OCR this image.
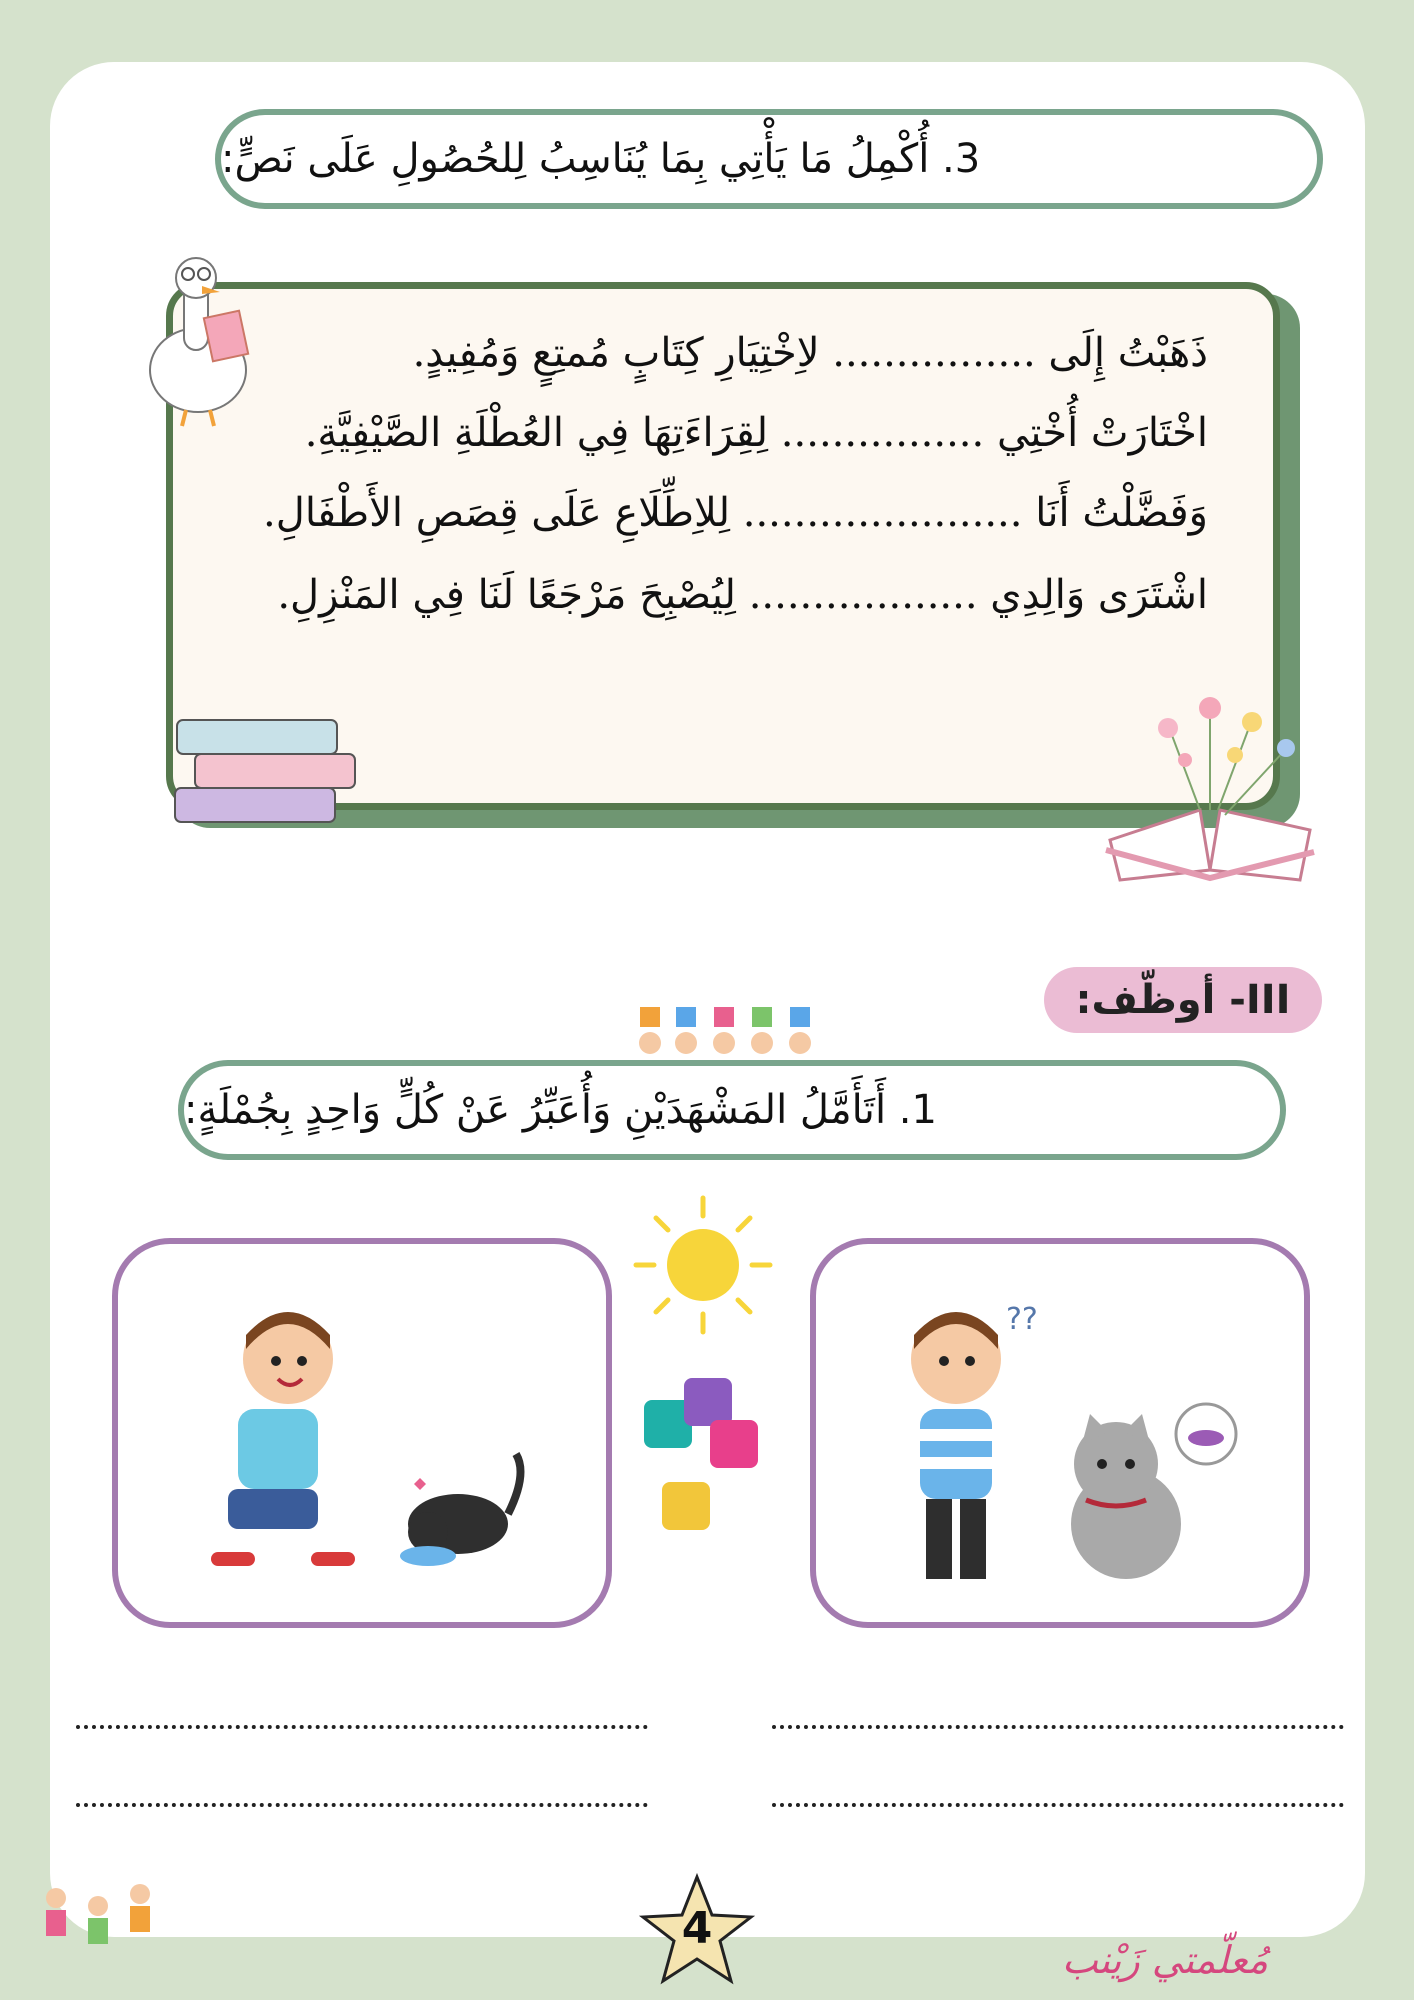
3. أُكْمِلُ مَا يَأْتِي بِمَا يُنَاسِبُ لِلحُصُولِ عَلَى نَصٍّ:
ذَهَبْتُ إِلَى ................ لاِخْتِيَارِ كِتَابٍ مُمتِعٍ وَمُفِيدٍ.
اخْتَارَتْ أُخْتِي ................ لِقِرَاءَتِهَا فِي العُطْلَةِ الصَّيْفِيَّةِ.
وَفَضَّلْتُ أَنَا ...................... لِلاِطِّلَاعِ عَلَى قِصَصِ الأَطْفَالِ.
اشْتَرَى وَالِدِي .................. لِيُصْبِحَ مَرْجَعًا لَنَا فِي المَنْزِلِ.
III- أوظّف:
1. أَتَأَمَّلُ المَشْهَدَيْنِ وَأُعَبِّرُ عَنْ كُلٍّ وَاحِدٍ بِجُمْلَةٍ:
??
4
مُعلّمتي زَيْنب
